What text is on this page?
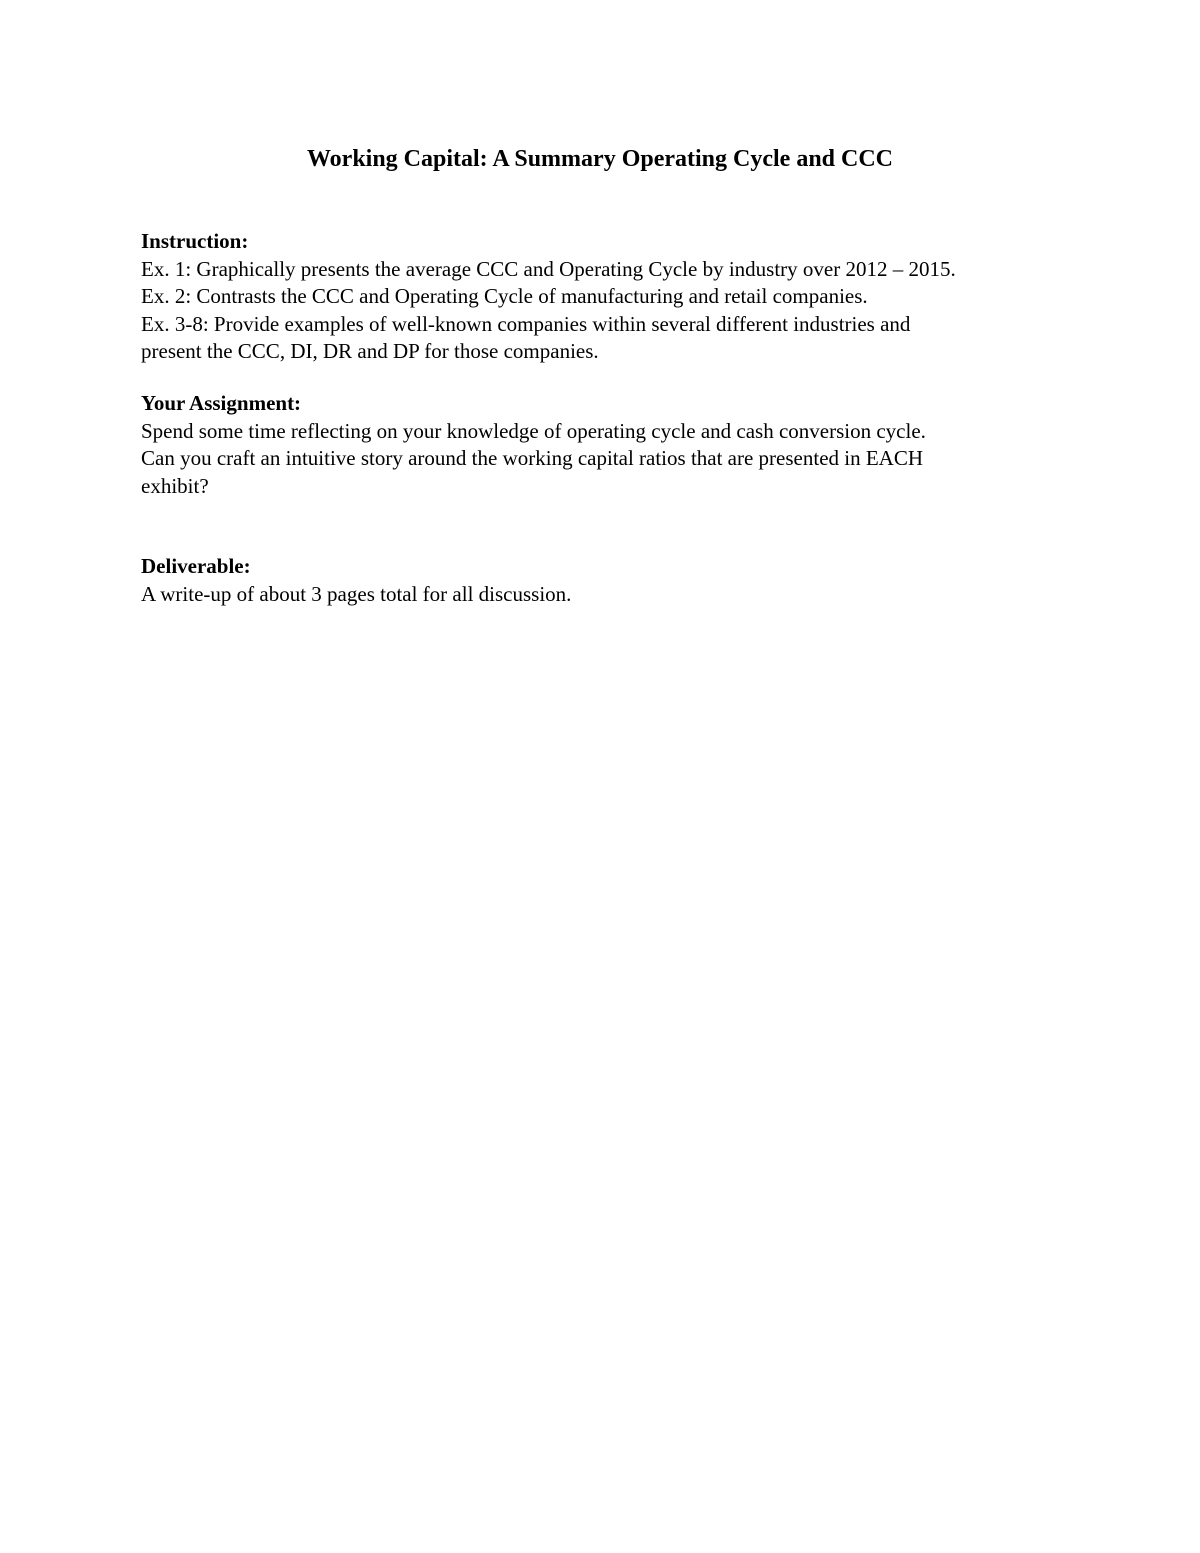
Working Capital: A Summary Operating Cycle and CCC
Instruction:
Ex. 1: Graphically presents the average CCC and Operating Cycle by industry over 2012 – 2015.
Ex. 2: Contrasts the CCC and Operating Cycle of manufacturing and retail companies.
Ex. 3-8: Provide examples of well-known companies within several different industries and
present the CCC, DI, DR and DP for those companies.
Your Assignment:
Spend some time reflecting on your knowledge of operating cycle and cash conversion cycle.
Can you craft an intuitive story around the working capital ratios that are presented in EACH
exhibit?
Deliverable:
A write-up of about 3 pages total for all discussion.
